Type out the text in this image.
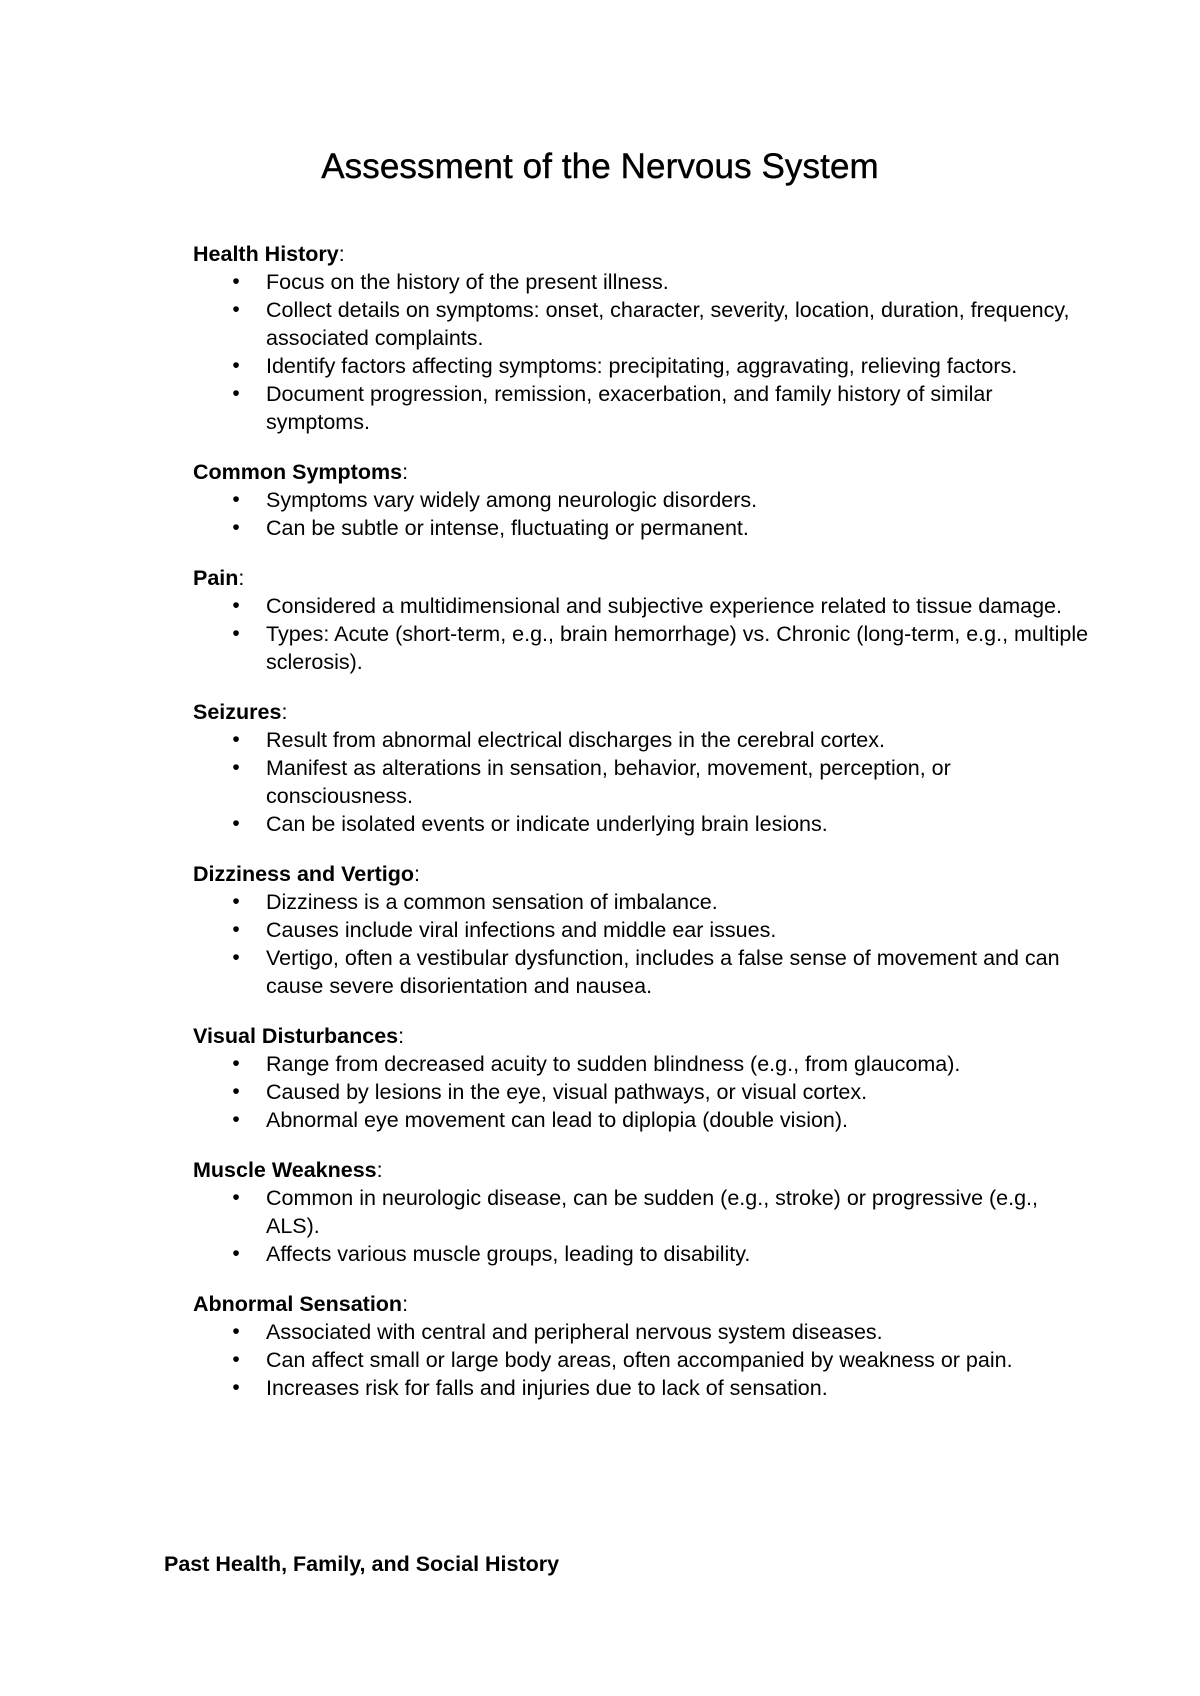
Assessment of the Nervous System

Health History:

• Focus on the history of the present illness.
• Collect details on symptoms: onset, character, severity, location, duration, frequency, associated complaints.
• Identify factors affecting symptoms: precipitating, aggravating, relieving factors.
• Document progression, remission, exacerbation, and family history of similar symptoms.

Common Symptoms:

• Symptoms vary widely among neurologic disorders.
• Can be subtle or intense, fluctuating or permanent.

Pain:

• Considered a multidimensional and subjective experience related to tissue damage.
• Types: Acute (short-term, e.g., brain hemorrhage) vs. Chronic (long-term, e.g., multiple sclerosis).

Seizures:

• Result from abnormal electrical discharges in the cerebral cortex.
• Manifest as alterations in sensation, behavior, movement, perception, or consciousness.
• Can be isolated events or indicate underlying brain lesions.

Dizziness and Vertigo:

• Dizziness is a common sensation of imbalance.
• Causes include viral infections and middle ear issues.
• Vertigo, often a vestibular dysfunction, includes a false sense of movement and can cause severe disorientation and nausea.

Visual Disturbances:

• Range from decreased acuity to sudden blindness (e.g., from glaucoma).
• Caused by lesions in the eye, visual pathways, or visual cortex.
• Abnormal eye movement can lead to diplopia (double vision).

Muscle Weakness:

• Common in neurologic disease, can be sudden (e.g., stroke) or progressive (e.g., ALS).
• Affects various muscle groups, leading to disability.

Abnormal Sensation:

• Associated with central and peripheral nervous system diseases.
• Can affect small or large body areas, often accompanied by weakness or pain.
• Increases risk for falls and injuries due to lack of sensation.

Past Health, Family, and Social History
